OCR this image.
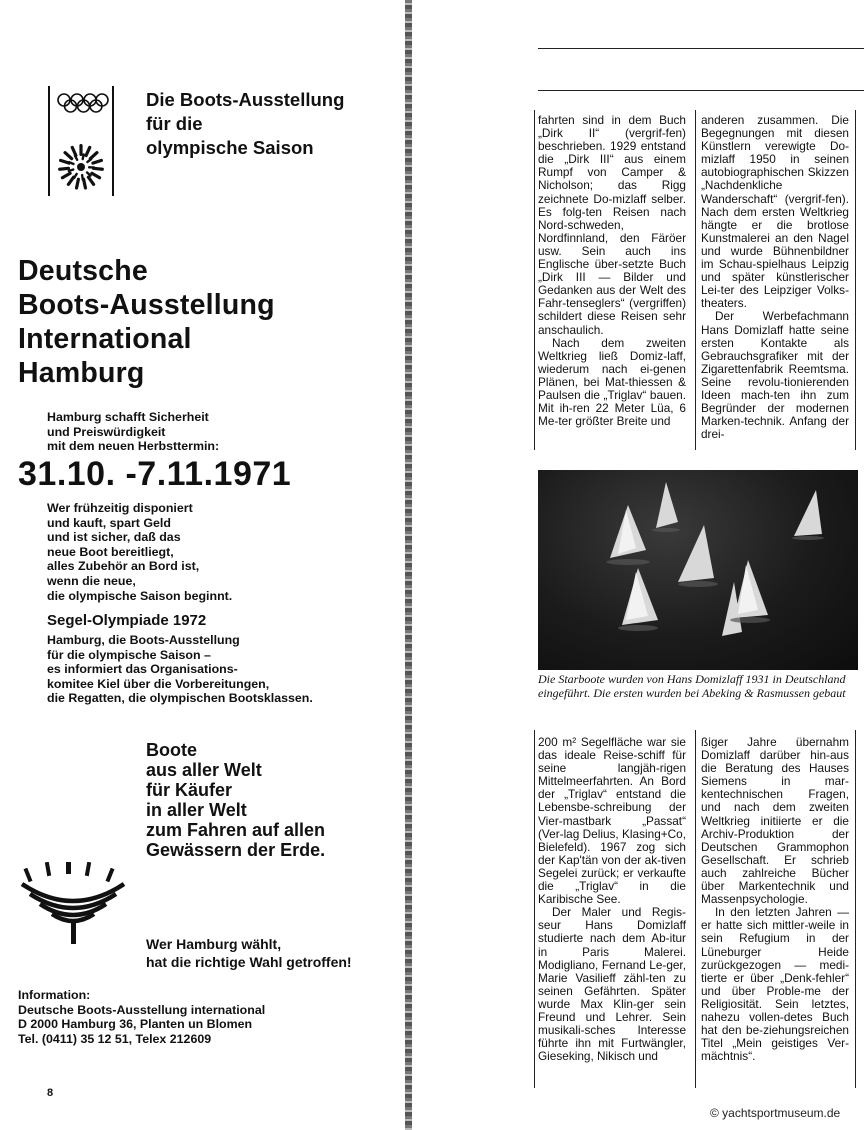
Die Boots-Ausstellung
für die
olympische Saison
Deutsche
Boots-Ausstellung
International
Hamburg
Hamburg schafft Sicherheit
und Preiswürdigkeit
mit dem neuen Herbsttermin:
31.10. -7.11.1971
Wer frühzeitig disponiert
und kauft, spart Geld
und ist sicher, daß das
neue Boot bereitliegt,
alles Zubehör an Bord ist,
wenn die neue,
die olympische Saison beginnt.
Segel-Olympiade 1972
Hamburg, die Boots-Ausstellung
für die olympische Saison –
es informiert das Organisations-
komitee Kiel über die Vorbereitungen,
die Regatten, die olympischen Bootsklassen.
Boote
aus aller Welt
für Käufer
in aller Welt
zum Fahren auf allen
Gewässern der Erde.
Wer Hamburg wählt,
hat die richtige Wahl getroffen!
Information:
Deutsche Boots-Ausstellung international
D 2000 Hamburg 36, Planten un Blomen
Tel. (0411) 35 12 51, Telex 212609
8

fahrten sind in dem Buch „Dirk II“ (vergrif-fen) beschrieben. 1929 entstand die „Dirk III“ aus einem Rumpf von Camper & Nicholson; das Rigg zeichnete Do-mizlaff selber. Es folg-ten Reisen nach Nord-schweden, Nordfinnland, den Färöer usw. Sein auch ins Englische über-setzte Buch „Dirk III — Bilder und Gedanken aus der Welt des Fahr-tenseglers“ (vergriffen) schildert diese Reisen sehr anschaulich.

Nach dem zweiten Weltkrieg ließ Domiz-laff, wiederum nach ei-genen Plänen, bei Mat-thiessen & Paulsen die „Triglav“ bauen. Mit ih-ren 22 Meter Lüa, 6 Me-ter größter Breite und

anderen zusammen. Die Begegnungen mit diesen Künstlern verewigte Do-mizlaff 1950 in seinen autobiographischen Skizzen „Nachdenkliche Wanderschaft“ (vergrif-fen). Nach dem ersten Weltkrieg hängte er die brotlose Kunstmalerei an den Nagel und wurde Bühnenbildner im Schau-spielhaus Leipzig und später künstlerischer Lei-ter des Leipziger Volks-theaters.

Der Werbefachmann Hans Domizlaff hatte seine ersten Kontakte als Gebrauchsgrafiker mit der Zigarettenfabrik Reemtsma. Seine revolu-tionierenden Ideen mach-ten ihn zum Begründer der modernen Marken-technik. Anfang der drei-

Die Starboote wurden von Hans Domizlaff 1931 in Deutschland eingeführt. Die ersten wurden bei Abeking & Rasmussen gebaut

200 m² Segelfläche war sie das ideale Reise-schiff für seine langjäh-rigen Mittelmeerfahrten. An Bord der „Triglav“ entstand die Lebensbe-schreibung der Vier-mastbark „Passat“ (Ver-lag Delius, Klasing+Co, Bielefeld). 1967 zog sich der Kap'tän von der ak-tiven Segelei zurück; er verkaufte die „Triglav“ in die Karibische See.

Der Maler und Regis-seur Hans Domizlaff studierte nach dem Ab-itur in Paris Malerei. Modigliano, Fernand Le-ger, Marie Vasilieff zähl-ten zu seinen Gefährten. Später wurde Max Klin-ger sein Freund und Lehrer. Sein musikali-sches Interesse führte ihn mit Furtwängler, Gieseking, Nikisch und

ßiger Jahre übernahm Domizlaff darüber hin-aus die Beratung des Hauses Siemens in mar-kentechnischen Fragen, und nach dem zweiten Weltkrieg initiierte er die Archiv-Produktion der Deutschen Grammophon Gesellschaft. Er schrieb auch zahlreiche Bücher über Markentechnik und Massenpsychologie.

In den letzten Jahren — er hatte sich mittler-weile in sein Refugium in der Lüneburger Heide zurückgezogen — medi-tierte er über „Denk-fehler“ und über Proble-me der Religiosität. Sein letztes, nahezu vollen-detes Buch hat den be-ziehungsreichen Titel „Mein geistiges Ver-mächtnis“.

© yachtsportmuseum.de
